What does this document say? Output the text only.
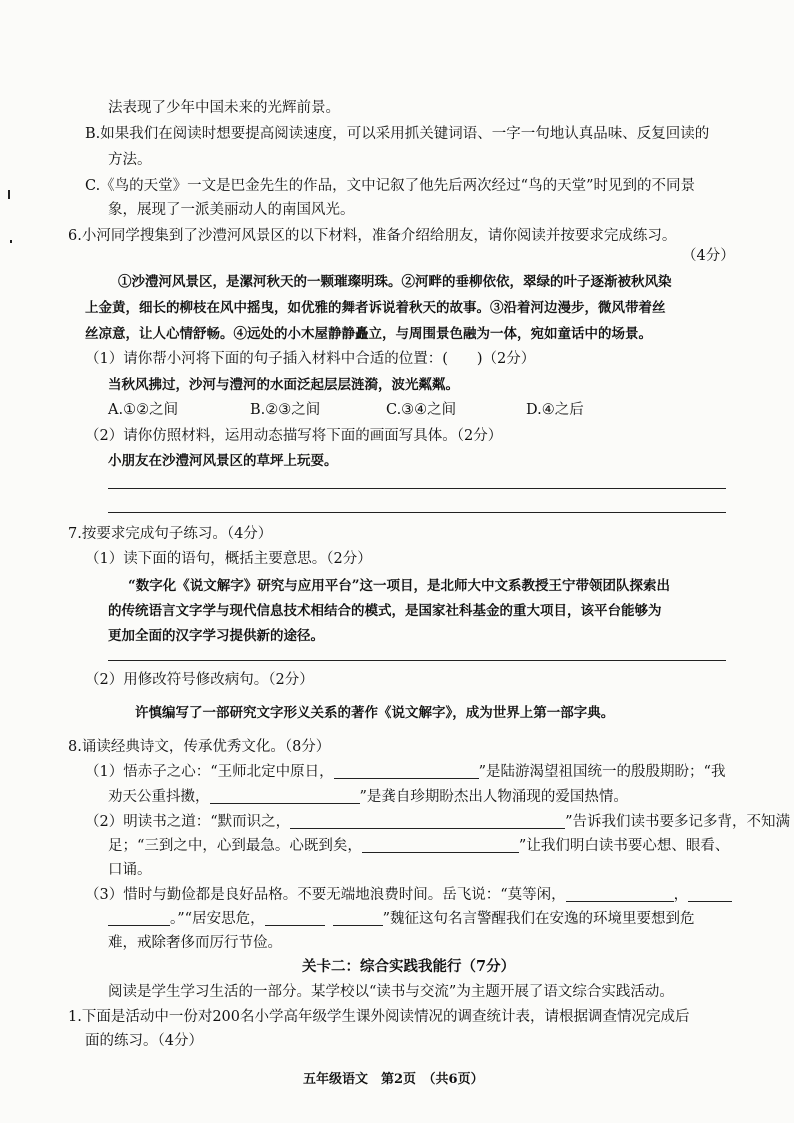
法表现了少年中国未来的光辉前景。
B.如果我们在阅读时想要提高阅读速度，可以采用抓关键词语、一字一句地认真品味、反复回读的
方法。
C.《鸟的天堂》一文是巴金先生的作品，文中记叙了他先后两次经过“鸟的天堂”时见到的不同景
象，展现了一派美丽动人的南国风光。
6.小河同学搜集到了沙澧河风景区的以下材料，准备介绍给朋友，请你阅读并按要求完成练习。
（4分）
①沙澧河风景区，是漯河秋天的一颗璀璨明珠。②河畔的垂柳依依，翠绿的叶子逐渐被秋风染
上金黄，细长的柳枝在风中摇曳，如优雅的舞者诉说着秋天的故事。③沿着河边漫步，微风带着丝
丝凉意，让人心情舒畅。④远处的小木屋静静矗立，与周围景色融为一体，宛如童话中的场景。
（1）请你帮小河将下面的句子插入材料中合适的位置：(　　)（2分）
当秋风拂过，沙河与澧河的水面泛起层层涟漪，波光粼粼。
A.①②之间	B.②③之间	C.③④之间	D.④之后
（2）请你仿照材料，运用动态描写将下面的画面写具体。（2分）
小朋友在沙澧河风景区的草坪上玩耍。
7.按要求完成句子练习。（4分）
（1）读下面的语句，概括主要意思。（2分）
“数字化《说文解字》研究与应用平台”这一项目，是北师大中文系教授王宁带领团队探索出
的传统语言文字学与现代信息技术相结合的模式，是国家社科基金的重大项目，该平台能够为
更加全面的汉字学习提供新的途径。
（2）用修改符号修改病句。（2分）
许慎编写了一部研究文字形义关系的著作《说文解字》，成为世界上第一部字典。
8.诵读经典诗文，传承优秀文化。（8分）
（1）悟赤子之心：“王师北定中原日，	”是陆游渴望祖国统一的殷殷期盼；“我
劝天公重抖擞，	”是龚自珍期盼杰出人物涌现的爱国热情。
（2）明读书之道：“默而识之，	”告诉我们读书要多记多背，不知满
足；“三到之中，心到最急。心既到矣，	”让我们明白读书要心想、眼看、
口诵。
（3）惜时与勤俭都是良好品格。不要无端地浪费时间。岳飞说：“莫等闲，	，
。”“居安思危，	”魏征这句名言警醒我们在安逸的环境里要想到危
难，戒除奢侈而厉行节俭。
关卡二：综合实践我能行（7分）
阅读是学生学习生活的一部分。某学校以“读书与交流”为主题开展了语文综合实践活动。
1.下面是活动中一份对200名小学高年级学生课外阅读情况的调查统计表，请根据调查情况完成后
面的练习。（4分）
五年级语文　第2页　（共6页）
